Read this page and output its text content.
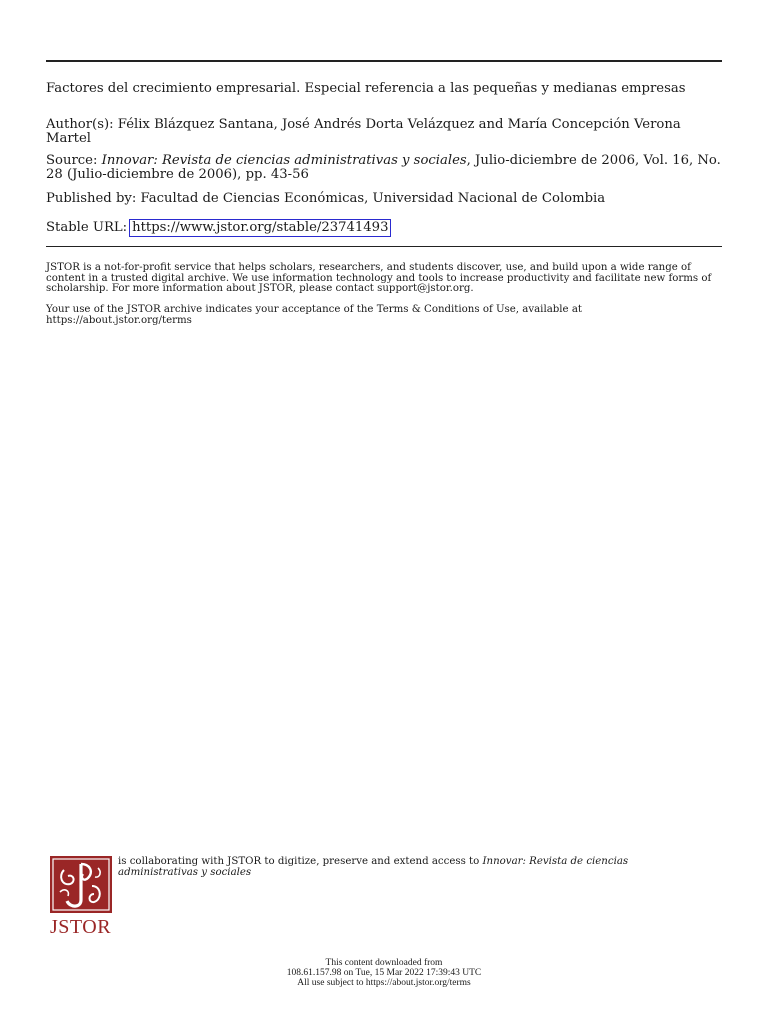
Factores del crecimiento empresarial. Especial referencia a las pequeñas y medianas empresas
Author(s): Félix Blázquez Santana, José Andrés Dorta Velázquez and María Concepción Verona Martel
Source: Innovar: Revista de ciencias administrativas y sociales, Julio-diciembre de 2006, Vol. 16, No. 28 (Julio-diciembre de 2006), pp. 43-56
Published by: Facultad de Ciencias Económicas, Universidad Nacional de Colombia
Stable URL: https://www.jstor.org/stable/23741493
JSTOR is a not-for-profit service that helps scholars, researchers, and students discover, use, and build upon a wide range of content in a trusted digital archive. We use information technology and tools to increase productivity and facilitate new forms of scholarship. For more information about JSTOR, please contact support@jstor.org.
Your use of the JSTOR archive indicates your acceptance of the Terms & Conditions of Use, available at https://about.jstor.org/terms
JSTOR
is collaborating with JSTOR to digitize, preserve and extend access to Innovar: Revista de ciencias administrativas y sociales
This content downloaded from
108.61.157.98 on Tue, 15 Mar 2022 17:39:43 UTC
All use subject to https://about.jstor.org/terms
